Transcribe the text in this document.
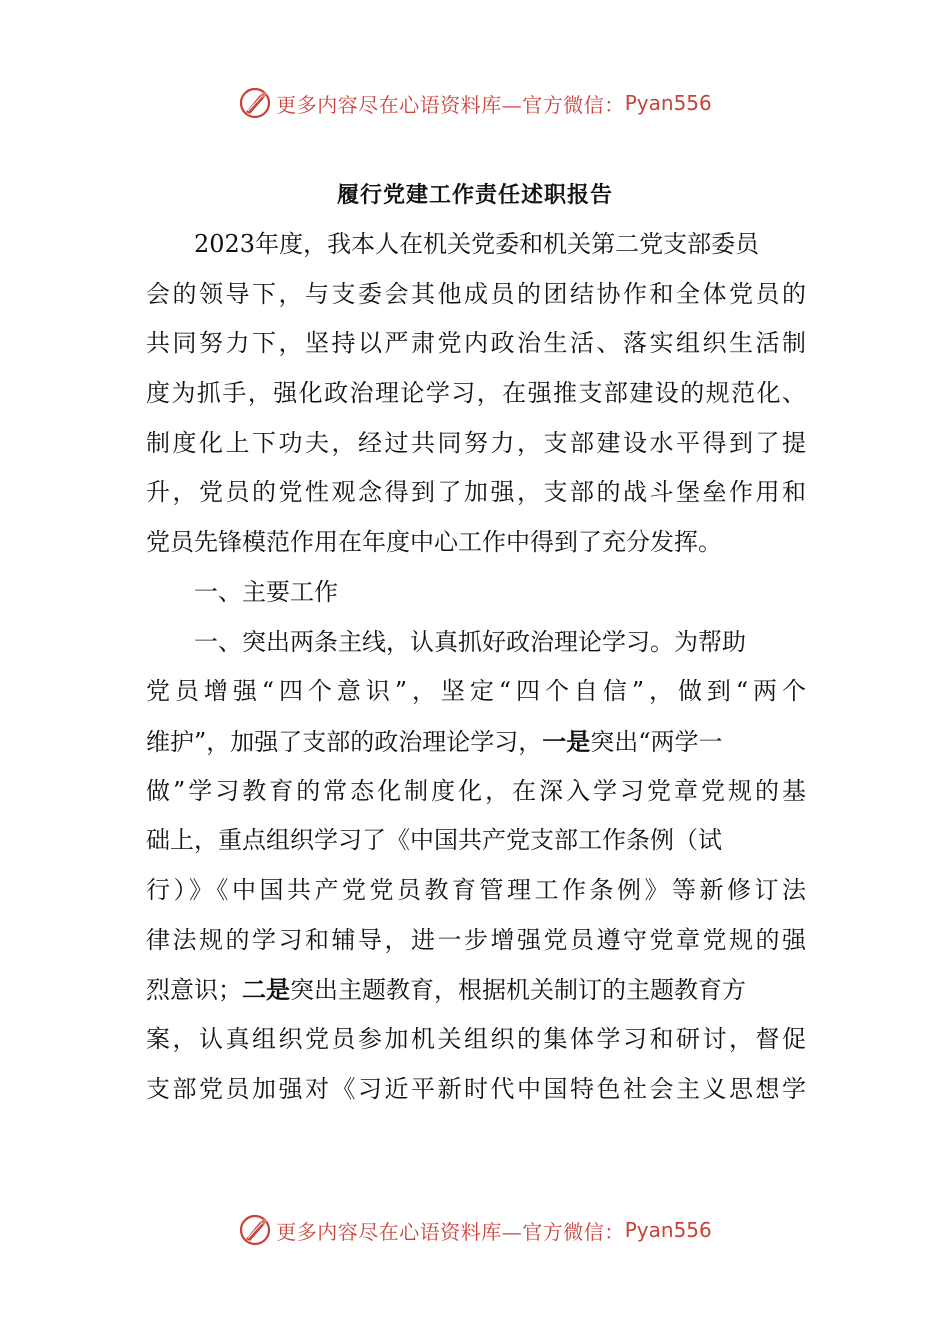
更多内容尽在心语资料库—官方微信： Pyan556
履行党建工作责任述职报告
2023年度，我本人在机关党委和机关第二党支部委员
会的领导下，与支委会其他成员的团结协作和全体党员的
共同努力下，坚持以严肃党内政治生活、落实组织生活制
度为抓手，强化政治理论学习，在强推支部建设的规范化、
制度化上下功夫，经过共同努力，支部建设水平得到了提
升，党员的党性观念得到了加强，支部的战斗堡垒作用和
党员先锋模范作用在年度中心工作中得到了充分发挥。
一、主要工作
一、突出两条主线，认真抓好政治理论学习。为帮助
党员增强“四个意识”，坚定“四个自信”，做到“两个
维护”，加强了支部的政治理论学习，一是突出“两学一
做”学习教育的常态化制度化，在深入学习党章党规的基
础上，重点组织学习了《中国共产党支部工作条例（试
行）》《中国共产党党员教育管理工作条例》等新修订法
律法规的学习和辅导，进一步增强党员遵守党章党规的强
烈意识；二是突出主题教育，根据机关制订的主题教育方
案，认真组织党员参加机关组织的集体学习和研讨，督促
支部党员加强对《习近平新时代中国特色社会主义思想学
更多内容尽在心语资料库—官方微信： Pyan556
